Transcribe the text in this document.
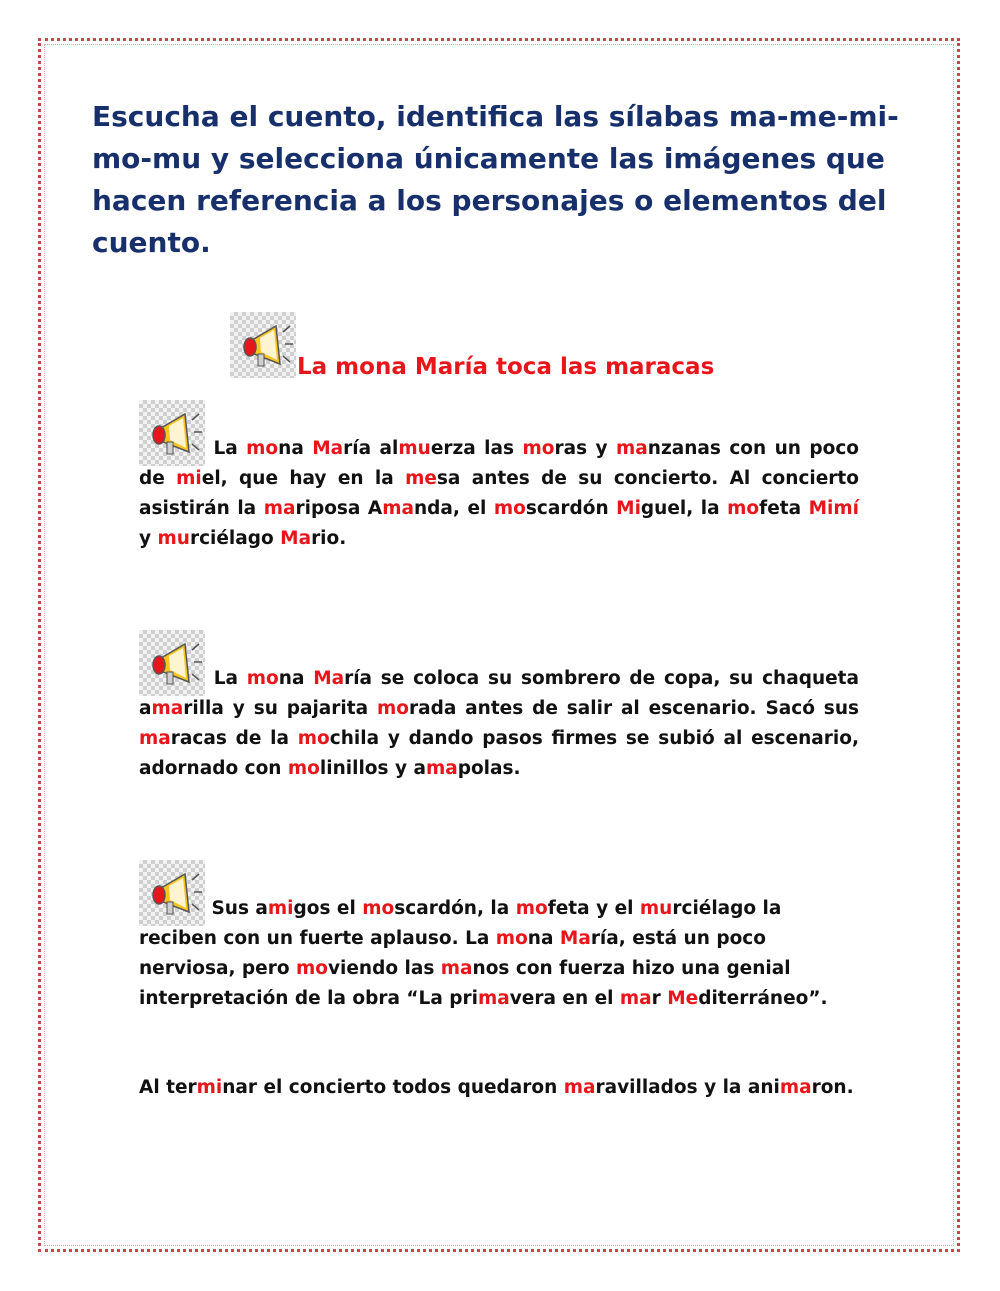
Escucha el cuento, identifica las sílabas ma-me-mi-mo-mu y selecciona únicamente las imágenes que hacen referencia a los personajes o elementos del cuento.

La mona María toca las maracas

La mona María almuerza las moras y manzanas con un poco de miel, que hay en la mesa antes de su concierto. Al concierto asistirán la mariposa Amanda, el moscardón Miguel, la mofeta Mimí y murciélago Mario.

La mona María se coloca su sombrero de copa, su chaqueta amarilla y su pajarita morada antes de salir al escenario. Sacó sus maracas de la mochila y dando pasos firmes se subió al escenario, adornado con molinillos y amapolas.

Sus amigos el moscardón, la mofeta y el murciélago la reciben con un fuerte aplauso. La mona María, está un poco nerviosa, pero moviendo las manos con fuerza hizo una genial interpretación de la obra “La primavera en el mar Mediterráneo”.

Al terminar el concierto todos quedaron maravillados y la animaron.
